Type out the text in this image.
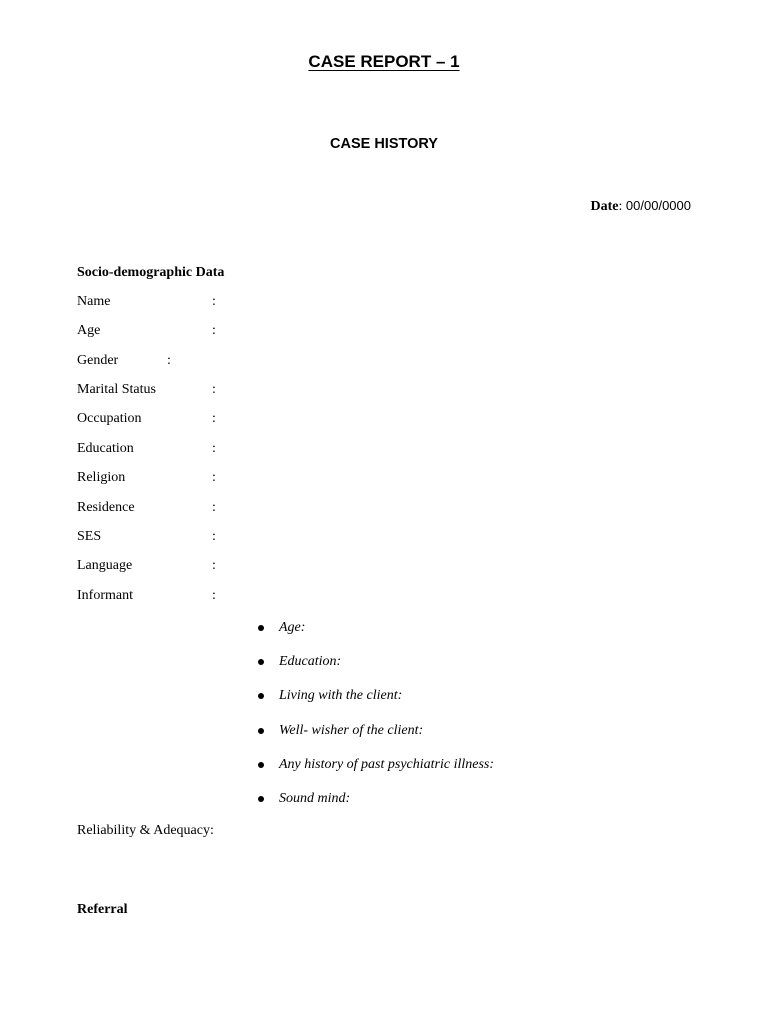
CASE REPORT – 1
CASE HISTORY
Date: 00/00/0000
Socio-demographic Data
Name	:
Age	:
Gender	:
Marital Status	:
Occupation	:
Education	:
Religion	:
Residence	:
SES	:
Language	:
Informant	:
Age:
Education:
Living with the client:
Well- wisher of the client:
Any history of past psychiatric illness:
Sound mind:
Reliability & Adequacy:
Referral
